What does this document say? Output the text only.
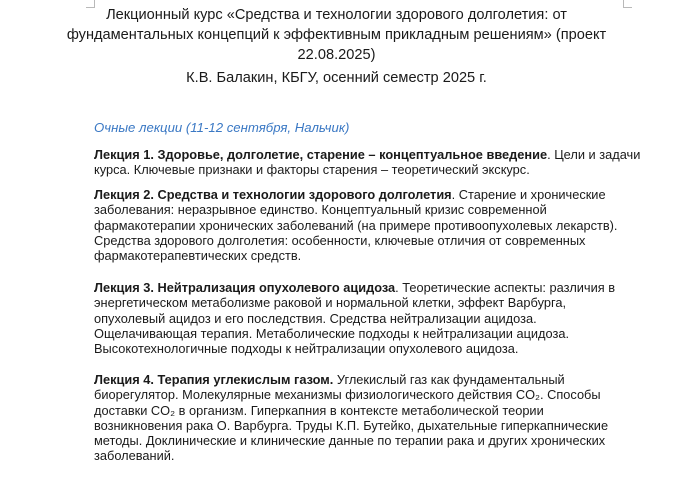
Лекционный курс «Средства и технологии здорового долголетия: от
фундаментальных концепций к эффективным прикладным решениям» (проект
22.08.2025)
К.В. Балакин, КБГУ, осенний семестр 2025 г.
Очные лекции (11-12 сентября, Нальчик)

Лекция 1. Здоровье, долголетие, старение – концептуальное введение. Цели и задачи
курса. Ключевые признаки и факторы старения – теоретический экскурс.

Лекция 2. Средства и технологии здорового долголетия. Старение и хронические
заболевания: неразрывное единство. Концептуальный кризис современной
фармакотерапии хронических заболеваний (на примере противоопухолевых лекарств).
Средства здорового долголетия: особенности, ключевые отличия от современных
фармакотерапевтических средств.

Лекция 3. Нейтрализация опухолевого ацидоза. Теоретические аспекты: различия в
энергетическом метаболизме раковой и нормальной клетки, эффект Варбурга,
опухолевый ацидоз и его последствия. Средства нейтрализации ацидоза.
Ощелачивающая терапия. Метаболические подходы к нейтрализации ацидоза.
Высокотехнологичные подходы к нейтрализации опухолевого ацидоза.

Лекция 4. Терапия углекислым газом. Углекислый газ как фундаментальный
биорегулятор. Молекулярные механизмы физиологического действия CO₂. Способы
доставки CO₂ в организм. Гиперкапния в контексте метаболической теории
возникновения рака О. Варбурга. Труды К.П. Бутейко, дыхательные гиперкапнические
методы. Доклинические и клинические данные по терапии рака и других хронических
заболеваний.
